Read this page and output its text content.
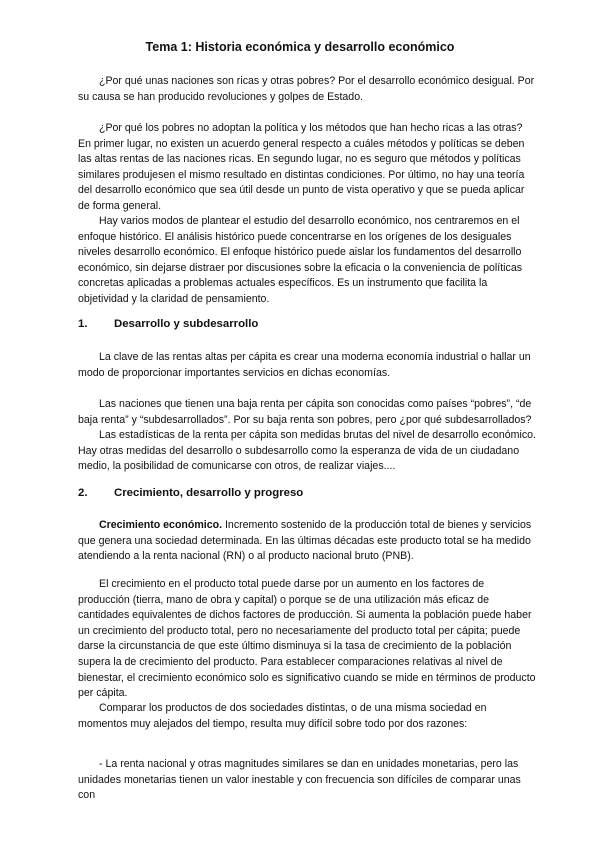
Tema 1: Historia económica y desarrollo económico

¿Por qué unas naciones son ricas y otras pobres? Por el desarrollo económico desigual. Por su causa se han producido revoluciones y golpes de Estado.

¿Por qué los pobres no adoptan la política y los métodos que han hecho ricas a las otras? En primer lugar, no existen un acuerdo general respecto a cuáles métodos y políticas se deben las altas rentas de las naciones ricas. En segundo lugar, no es seguro que métodos y políticas similares produjesen el mismo resultado en distintas condiciones. Por último, no hay una teoría del desarrollo económico que sea útil desde un punto de vista operativo y que se pueda aplicar de forma general.

Hay varios modos de plantear el estudio del desarrollo económico, nos centraremos en el enfoque histórico. El análisis histórico puede concentrarse en los orígenes de los desiguales niveles desarrollo económico. El enfoque histórico puede aislar los fundamentos del desarrollo económico, sin dejarse distraer por discusiones sobre la eficacia o la conveniencia de políticas concretas aplicadas a problemas actuales específicos. Es un instrumento que facilita la objetividad y la claridad de pensamiento.

1. Desarrollo y subdesarrollo

La clave de las rentas altas per cápita es crear una moderna economía industrial o hallar un modo de proporcionar importantes servicios en dichas economías.

Las naciones que tienen una baja renta per cápita son conocidas como países “pobres”, “de baja renta” y “subdesarrollados”. Por su baja renta son pobres, pero ¿por qué subdesarrollados?

Las estadísticas de la renta per cápita son medidas brutas del nivel de desarrollo económico. Hay otras medidas del desarrollo o subdesarrollo como la esperanza de vida de un ciudadano medio, la posibilidad de comunicarse con otros, de realizar viajes....

2. Crecimiento, desarrollo y progreso

Crecimiento económico. Incremento sostenido de la producción total de bienes y servicios que genera una sociedad determinada. En las últimas décadas este producto total se ha medido atendiendo a la renta nacional (RN) o al producto nacional bruto (PNB).

El crecimiento en el producto total puede darse por un aumento en los factores de producción (tierra, mano de obra y capital) o porque se de una utilización más eficaz de cantidades equivalentes de dichos factores de producción. Si aumenta la población puede haber un crecimiento del producto total, pero no necesariamente del producto total per cápita; puede darse la circunstancia de que este último disminuya si la tasa de crecimiento de la población supera la de crecimiento del producto. Para establecer comparaciones relativas al nivel de bienestar, el crecimiento económico solo es significativo cuando se mide en términos de producto per cápita.

Comparar los productos de dos sociedades distintas, o de una misma sociedad en momentos muy alejados del tiempo, resulta muy difícil sobre todo por dos razones:

- La renta nacional y otras magnitudes similares se dan en unidades monetarias, pero las unidades monetarias tienen un valor inestable y con frecuencia son difíciles de comparar unas con
